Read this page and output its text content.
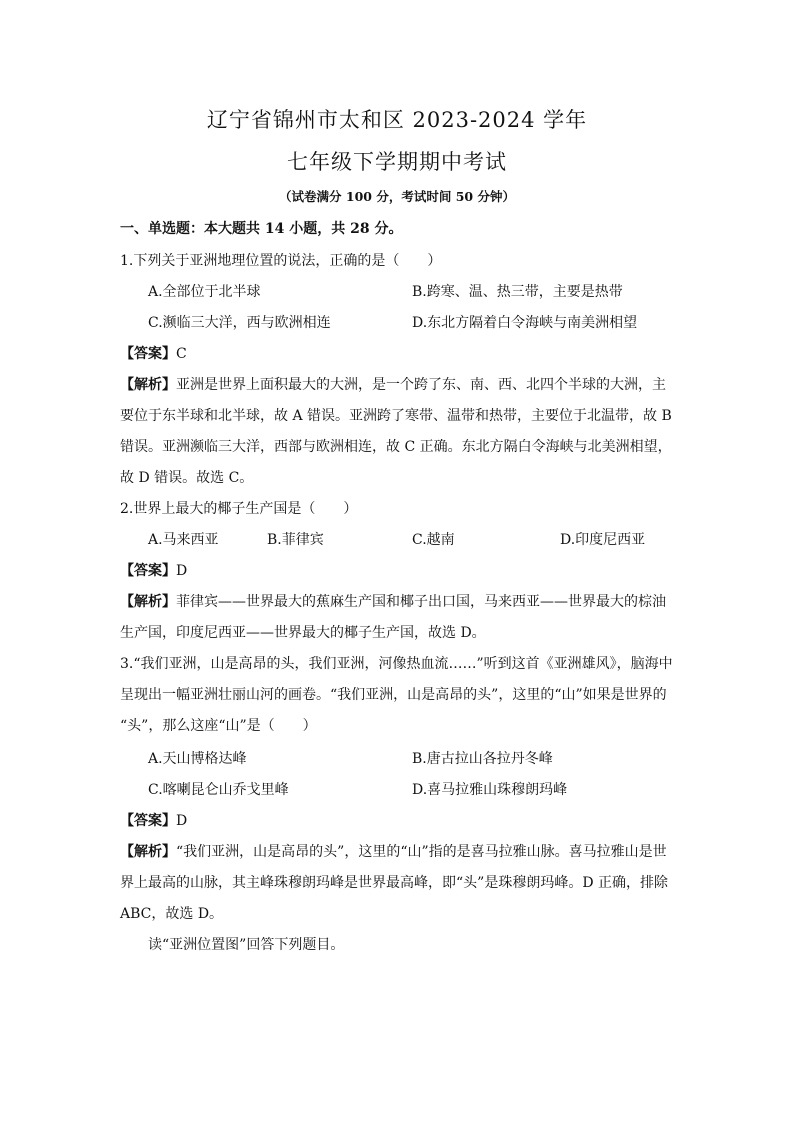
辽宁省锦州市太和区 2023-2024 学年
七年级下学期期中考试
（试卷满分 100 分，考试时间 50 分钟）
一、单选题：本大题共 14 小题，共 28 分。
1.下列关于亚洲地理位置的说法，正确的是（　　）
A.全部位于北半球	B.跨寒、温、热三带，主要是热带
C.濒临三大洋，西与欧洲相连	D.东北方隔着白令海峡与南美洲相望
【答案】C
【解析】亚洲是世界上面积最大的大洲，是一个跨了东、南、西、北四个半球的大洲，主
要位于东半球和北半球，故 A 错误。亚洲跨了寒带、温带和热带，主要位于北温带，故 B
错误。亚洲濒临三大洋，西部与欧洲相连，故 C 正确。东北方隔白令海峡与北美洲相望，
故 D 错误。故选 C。
2.世界上最大的椰子生产国是（　　）
A.马来西亚	B.菲律宾	C.越南	D.印度尼西亚
【答案】D
【解析】菲律宾——世界最大的蕉麻生产国和椰子出口国，马来西亚——世界最大的棕油
生产国，印度尼西亚——世界最大的椰子生产国，故选 D。
3.“我们亚洲，山是高昂的头，我们亚洲，河像热血流……”听到这首《亚洲雄风》，脑海中
呈现出一幅亚洲壮丽山河的画卷。“我们亚洲，山是高昂的头”，这里的“山”如果是世界的
“头”，那么这座“山”是（　　）
A.天山博格达峰	B.唐古拉山各拉丹冬峰
C.喀喇昆仑山乔戈里峰	D.喜马拉雅山珠穆朗玛峰
【答案】D
【解析】“我们亚洲，山是高昂的头”，这里的“山”指的是喜马拉雅山脉。喜马拉雅山是世
界上最高的山脉，其主峰珠穆朗玛峰是世界最高峰，即“头”是珠穆朗玛峰。D 正确，排除
ABC，故选 D。
读“亚洲位置图”回答下列题目。
